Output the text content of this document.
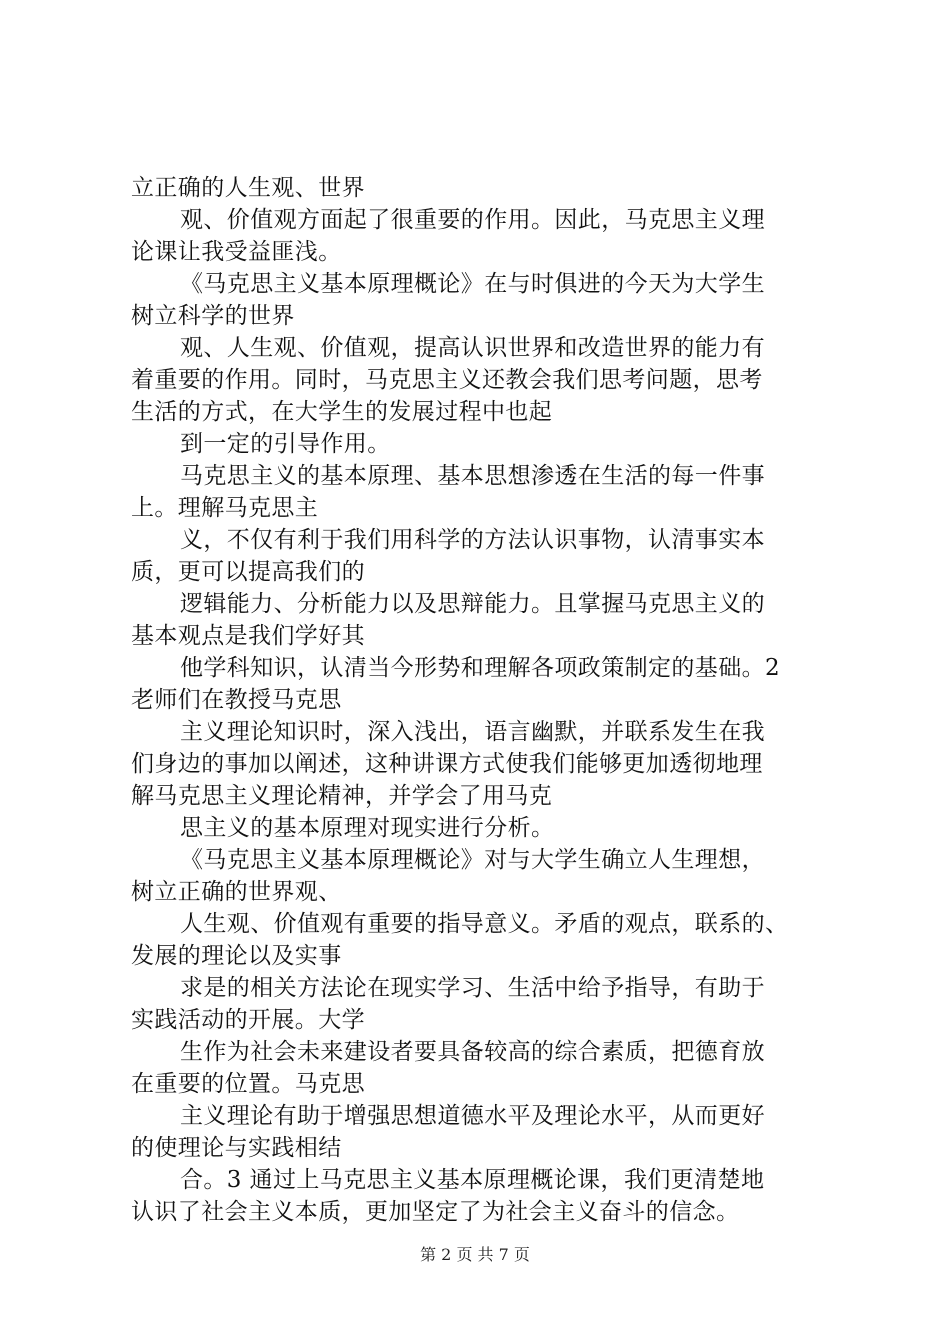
立正确的人生观、世界
观、价值观方面起了很重要的作用。因此，马克思主义理
论课让我受益匪浅。
《马克思主义基本原理概论》在与时俱进的今天为大学生
树立科学的世界
观、人生观、价值观，提高认识世界和改造世界的能力有
着重要的作用。同时，马克思主义还教会我们思考问题，思考
生活的方式，在大学生的发展过程中也起
到一定的引导作用。
马克思主义的基本原理、基本思想渗透在生活的每一件事
上。理解马克思主
义，不仅有利于我们用科学的方法认识事物，认清事实本
质，更可以提高我们的
逻辑能力、分析能力以及思辩能力。且掌握马克思主义的
基本观点是我们学好其
他学科知识，认清当今形势和理解各项政策制定的基础。2
老师们在教授马克思
主义理论知识时，深入浅出，语言幽默，并联系发生在我
们身边的事加以阐述，这种讲课方式使我们能够更加透彻地理
解马克思主义理论精神，并学会了用马克
思主义的基本原理对现实进行分析。
《马克思主义基本原理概论》对与大学生确立人生理想，
树立正确的世界观、
人生观、价值观有重要的指导意义。矛盾的观点，联系的、
发展的理论以及实事
求是的相关方法论在现实学习、生活中给予指导，有助于
实践活动的开展。大学
生作为社会未来建设者要具备较高的综合素质，把德育放
在重要的位置。马克思
主义理论有助于增强思想道德水平及理论水平，从而更好
的使理论与实践相结
合。3 通过上马克思主义基本原理概论课，我们更清楚地
认识了社会主义本质，更加坚定了为社会主义奋斗的信念。
第 2 页 共 7 页
